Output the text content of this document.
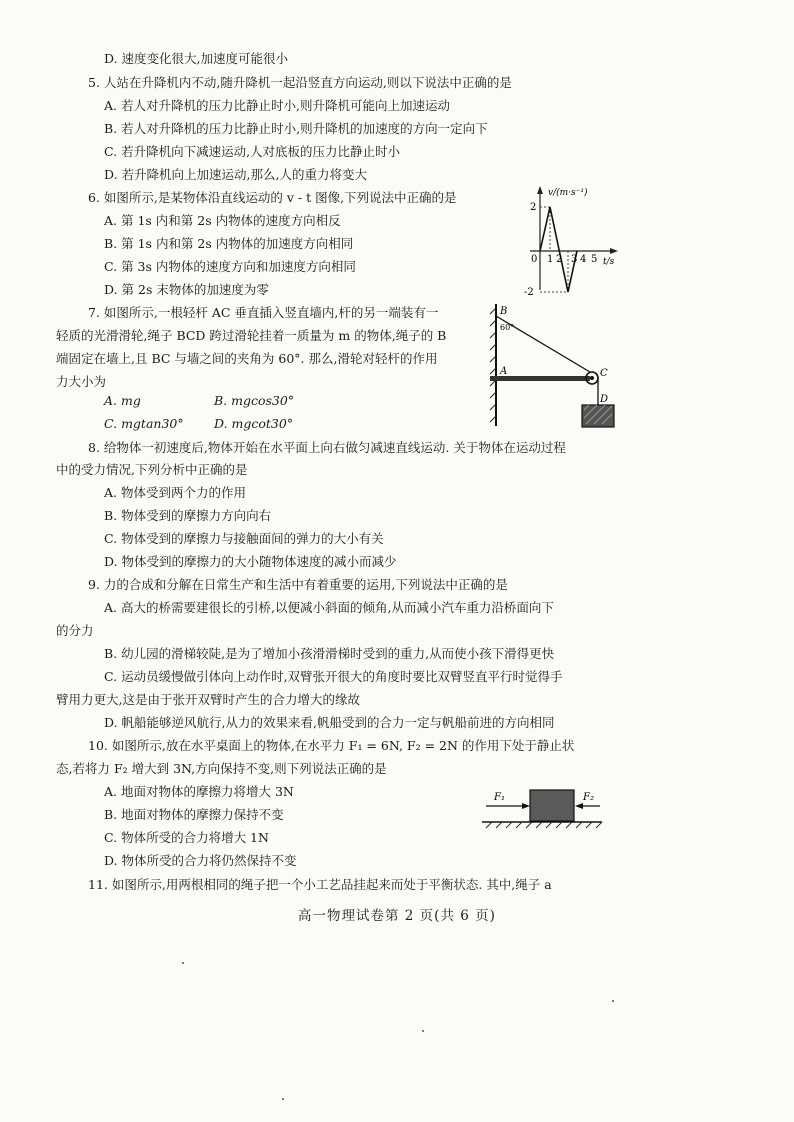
D. 速度变化很大,加速度可能很小
5. 人站在升降机内不动,随升降机一起沿竖直方向运动,则以下说法中正确的是
A. 若人对升降机的压力比静止时小,则升降机可能向上加速运动
B. 若人对升降机的压力比静止时小,则升降机的加速度的方向一定向下
C. 若升降机向下减速运动,人对底板的压力比静止时小
D. 若升降机向上加速运动,那么,人的重力将变大
6. 如图所示,是某物体沿直线运动的 v - t 图像,下列说法中正确的是
A. 第 1s 内和第 2s 内物体的速度方向相反
B. 第 1s 内和第 2s 内物体的加速度方向相同
C. 第 3s 内物体的速度方向和加速度方向相同
D. 第 2s 末物体的加速度为零
v/(m·s⁻¹)
t/s
2
-2
0 1 2 3 4 5
7. 如图所示,一根轻杆 AC 垂直插入竖直墙内,杆的另一端装有一
轻质的光滑滑轮,绳子 BCD 跨过滑轮挂着一质量为 m 的物体,绳子的 B
端固定在墙上,且 BC 与墙之间的夹角为 60°. 那么,滑轮对轻杆的作用
力大小为
A. mg	B. mgcos30°
C. mgtan30° D. mgcot30°
B
60°
A	C
D
8. 给物体一初速度后,物体开始在水平面上向右做匀减速直线运动. 关于物体在运动过程
中的受力情况,下列分析中正确的是
A. 物体受到两个力的作用
B. 物体受到的摩擦力方向向右
C. 物体受到的摩擦力与接触面间的弹力的大小有关
D. 物体受到的摩擦力的大小随物体速度的减小而减少
9. 力的合成和分解在日常生产和生活中有着重要的运用,下列说法中正确的是
A. 高大的桥需要建很长的引桥,以便减小斜面的倾角,从而减小汽车重力沿桥面向下
的分力
B. 幼儿园的滑梯较陡,是为了增加小孩滑滑梯时受到的重力,从而使小孩下滑得更快
C. 运动员缓慢做引体向上动作时,双臂张开很大的角度时要比双臂竖直平行时觉得手
臂用力更大,这是由于张开双臂时产生的合力增大的缘故
D. 帆船能够逆风航行,从力的效果来看,帆船受到的合力一定与帆船前进的方向相同
10. 如图所示,放在水平桌面上的物体,在水平力 F₁ = 6N, F₂ = 2N 的作用下处于静止状
态,若将力 F₂ 增大到 3N,方向保持不变,则下列说法正确的是
A. 地面对物体的摩擦力将增大 3N
B. 地面对物体的摩擦力保持不变
C. 物体所受的合力将增大 1N
D. 物体所受的合力将仍然保持不变
F₁	F₂
11. 如图所示,用两根相同的绳子把一个小工艺品挂起来而处于平衡状态. 其中,绳子 a
高一物理试卷第 2 页(共 6 页)
